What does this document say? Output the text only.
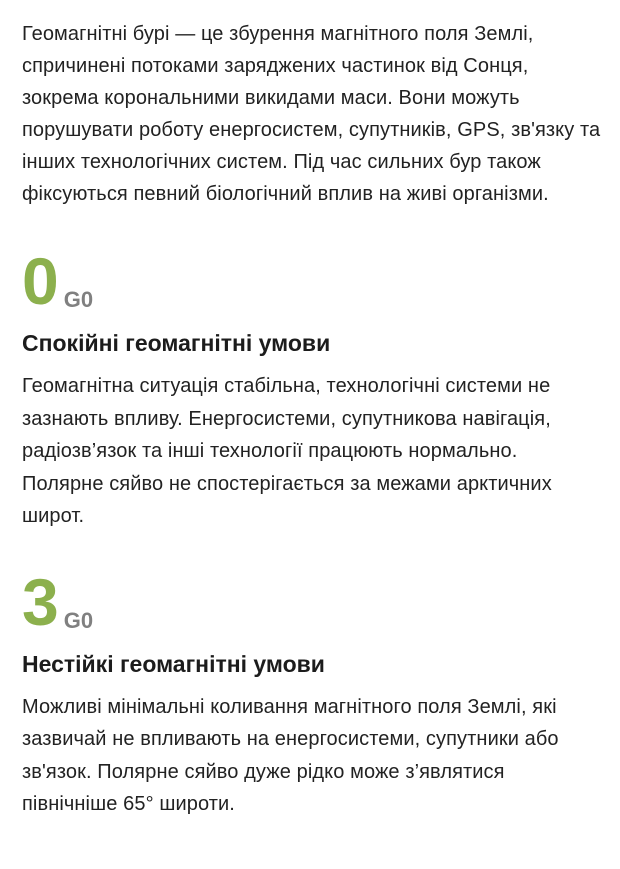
Геомагнітні бурі — це збурення магнітного поля Землі, спричинені потоками заряджених частинок від Сонця, зокрема корональними викидами маси. Вони можуть порушувати роботу енергосистем, супутників, GPS, зв'язку та інших технологічних систем. Під час сильних бур також фіксуються певний біологічний вплив на живі організми.

0 G0
Спокійні геомагнітні умови

Геомагнітна ситуація стабільна, технологічні системи не зазнають впливу. Енергосистеми, супутникова навігація, радіозв’язок та інші технології працюють нормально. Полярне сяйво не спостерігається за межами арктичних широт.

3 G0
Нестійкі геомагнітні умови

Можливі мінімальні коливання магнітного поля Землі, які зазвичай не впливають на енергосистеми, супутники або зв'язок. Полярне сяйво дуже рідко може з’являтися північніше 65° широти.
